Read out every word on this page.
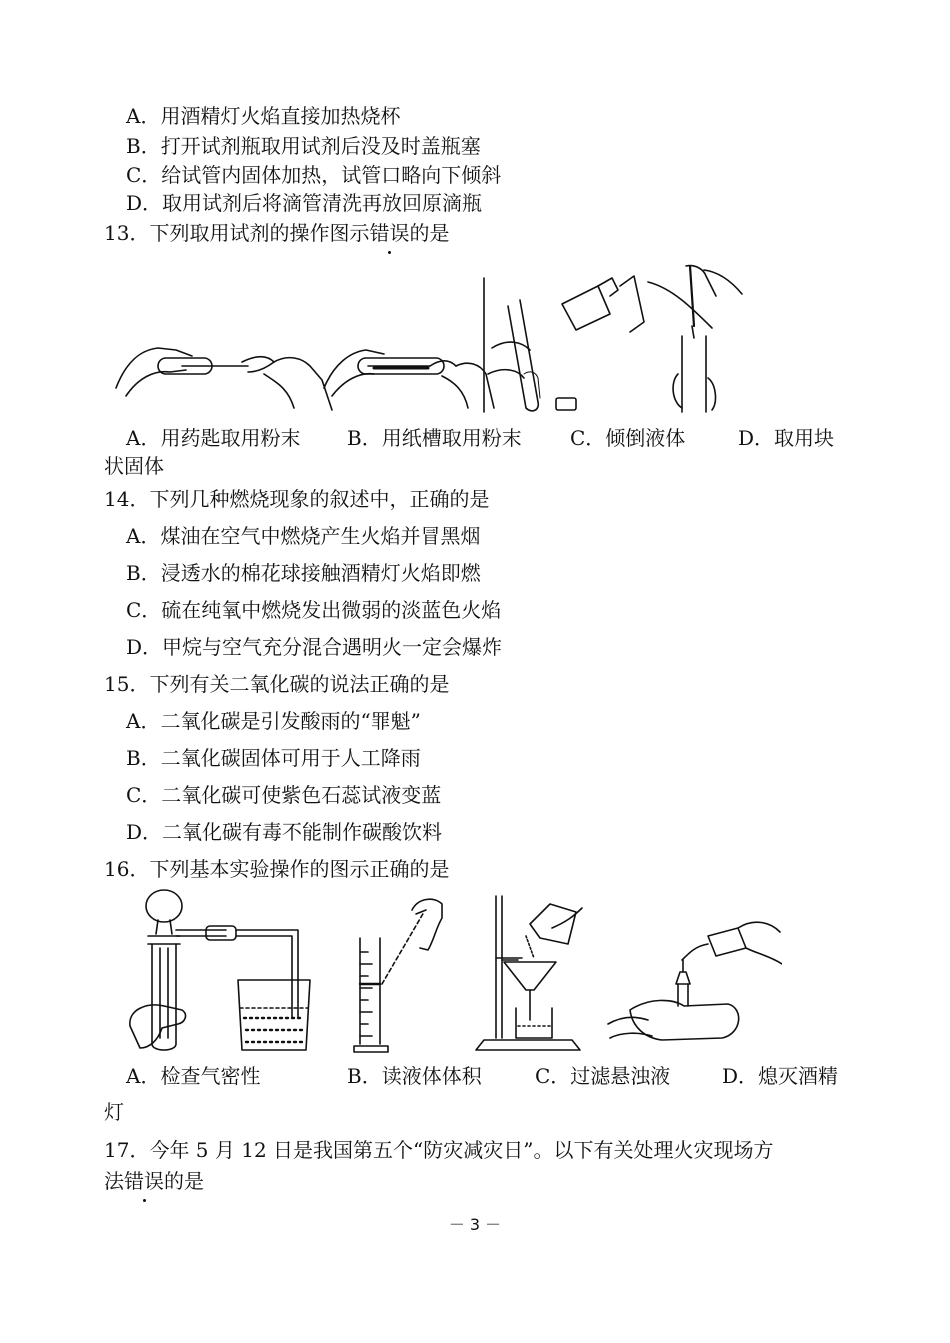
A．用酒精灯火焰直接加热烧杯
B．打开试剂瓶取用试剂后没及时盖瓶塞
C．给试管内固体加热，试管口略向下倾斜
D．取用试剂后将滴管清洗再放回原滴瓶
13．下列取用试剂的操作图示错误的是
A．用药匙取用粉末 B．用纸槽取用粉末 C．倾倒液体	D．取用块
状固体
14．下列几种燃烧现象的叙述中，正确的是
A．煤油在空气中燃烧产生火焰并冒黑烟
B．浸透水的棉花球接触酒精灯火焰即燃
C．硫在纯氧中燃烧发出微弱的淡蓝色火焰
D．甲烷与空气充分混合遇明火一定会爆炸
15．下列有关二氧化碳的说法正确的是
A．二氧化碳是引发酸雨的“罪魁”
B．二氧化碳固体可用于人工降雨
C．二氧化碳可使紫色石蕊试液变蓝
D．二氧化碳有毒不能制作碳酸饮料
16．下列基本实验操作的图示正确的是
A．检查气密性	B．读液体体积	C．过滤悬浊液	D．熄灭酒精
灯
17．今年 5 月 12 日是我国第五个“防灾减灾日”。以下有关处理火灾现场方
法错误的是
－ 3 －
